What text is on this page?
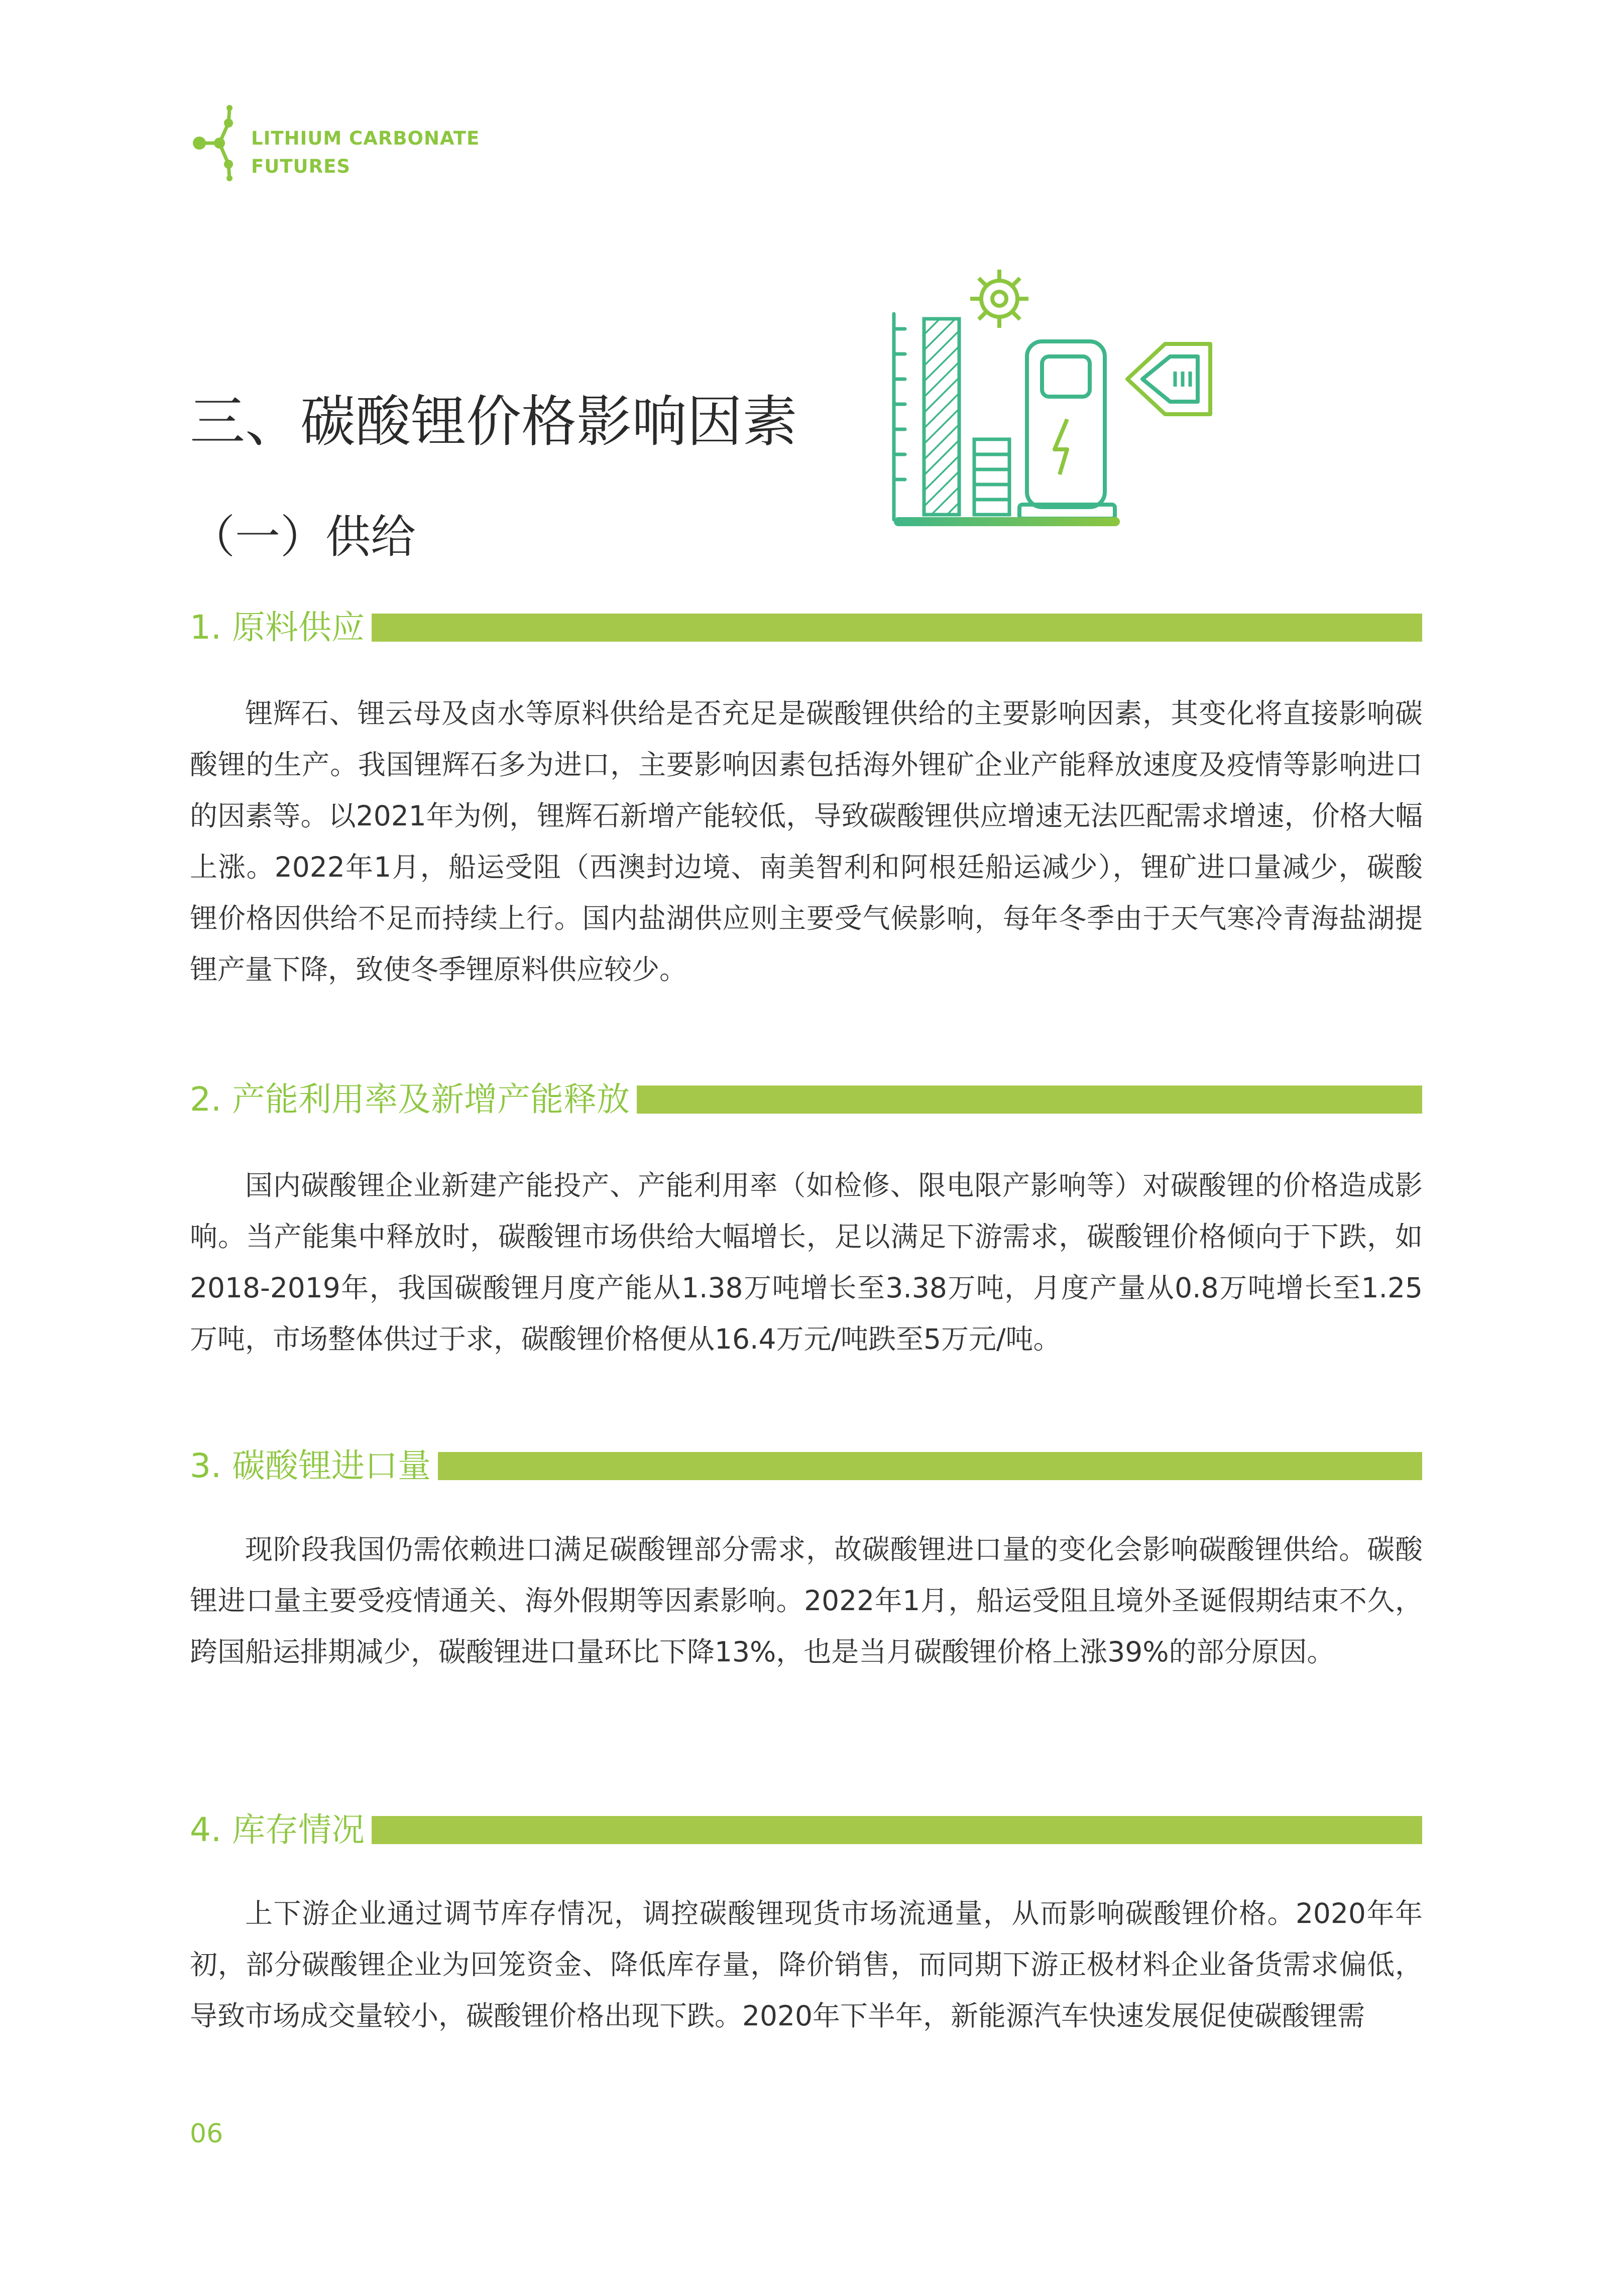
LITHIUM CARBONATE
FUTURES
三、碳酸锂价格影响因素
（一）供给
1. 原料供应

锂辉石、锂云母及卤水等原料供给是否充足是碳酸锂供给的主要影响因素，其变化将直接影响碳酸锂的生产。我国锂辉石多为进口，主要影响因素包括海外锂矿企业产能释放速度及疫情等影响进口的因素等。以2021年为例，锂辉石新增产能较低，导致碳酸锂供应增速无法匹配需求增速，价格大幅上涨。2022年1月，船运受阻（西澳封边境、南美智利和阿根廷船运减少），锂矿进口量减少，碳酸锂价格因供给不足而持续上行。国内盐湖供应则主要受气候影响，每年冬季由于天气寒冷青海盐湖提锂产量下降，致使冬季锂原料供应较少。

2. 产能利用率及新增产能释放

国内碳酸锂企业新建产能投产、产能利用率（如检修、限电限产影响等）对碳酸锂的价格造成影响。当产能集中释放时，碳酸锂市场供给大幅增长，足以满足下游需求，碳酸锂价格倾向于下跌，如2018-2019年，我国碳酸锂月度产能从1.38万吨增长至3.38万吨，月度产量从0.8万吨增长至1.25万吨，市场整体供过于求，碳酸锂价格便从16.4万元/吨跌至5万元/吨。

3. 碳酸锂进口量

现阶段我国仍需依赖进口满足碳酸锂部分需求，故碳酸锂进口量的变化会影响碳酸锂供给。碳酸锂进口量主要受疫情通关、海外假期等因素影响。2022年1月，船运受阻且境外圣诞假期结束不久，跨国船运排期减少，碳酸锂进口量环比下降13%，也是当月碳酸锂价格上涨39%的部分原因。

4. 库存情况

上下游企业通过调节库存情况，调控碳酸锂现货市场流通量，从而影响碳酸锂价格。2020年年初，部分碳酸锂企业为回笼资金、降低库存量，降价销售，而同期下游正极材料企业备货需求偏低，导致市场成交量较小，碳酸锂价格出现下跌。2020年下半年，新能源汽车快速发展促使碳酸锂需

06
